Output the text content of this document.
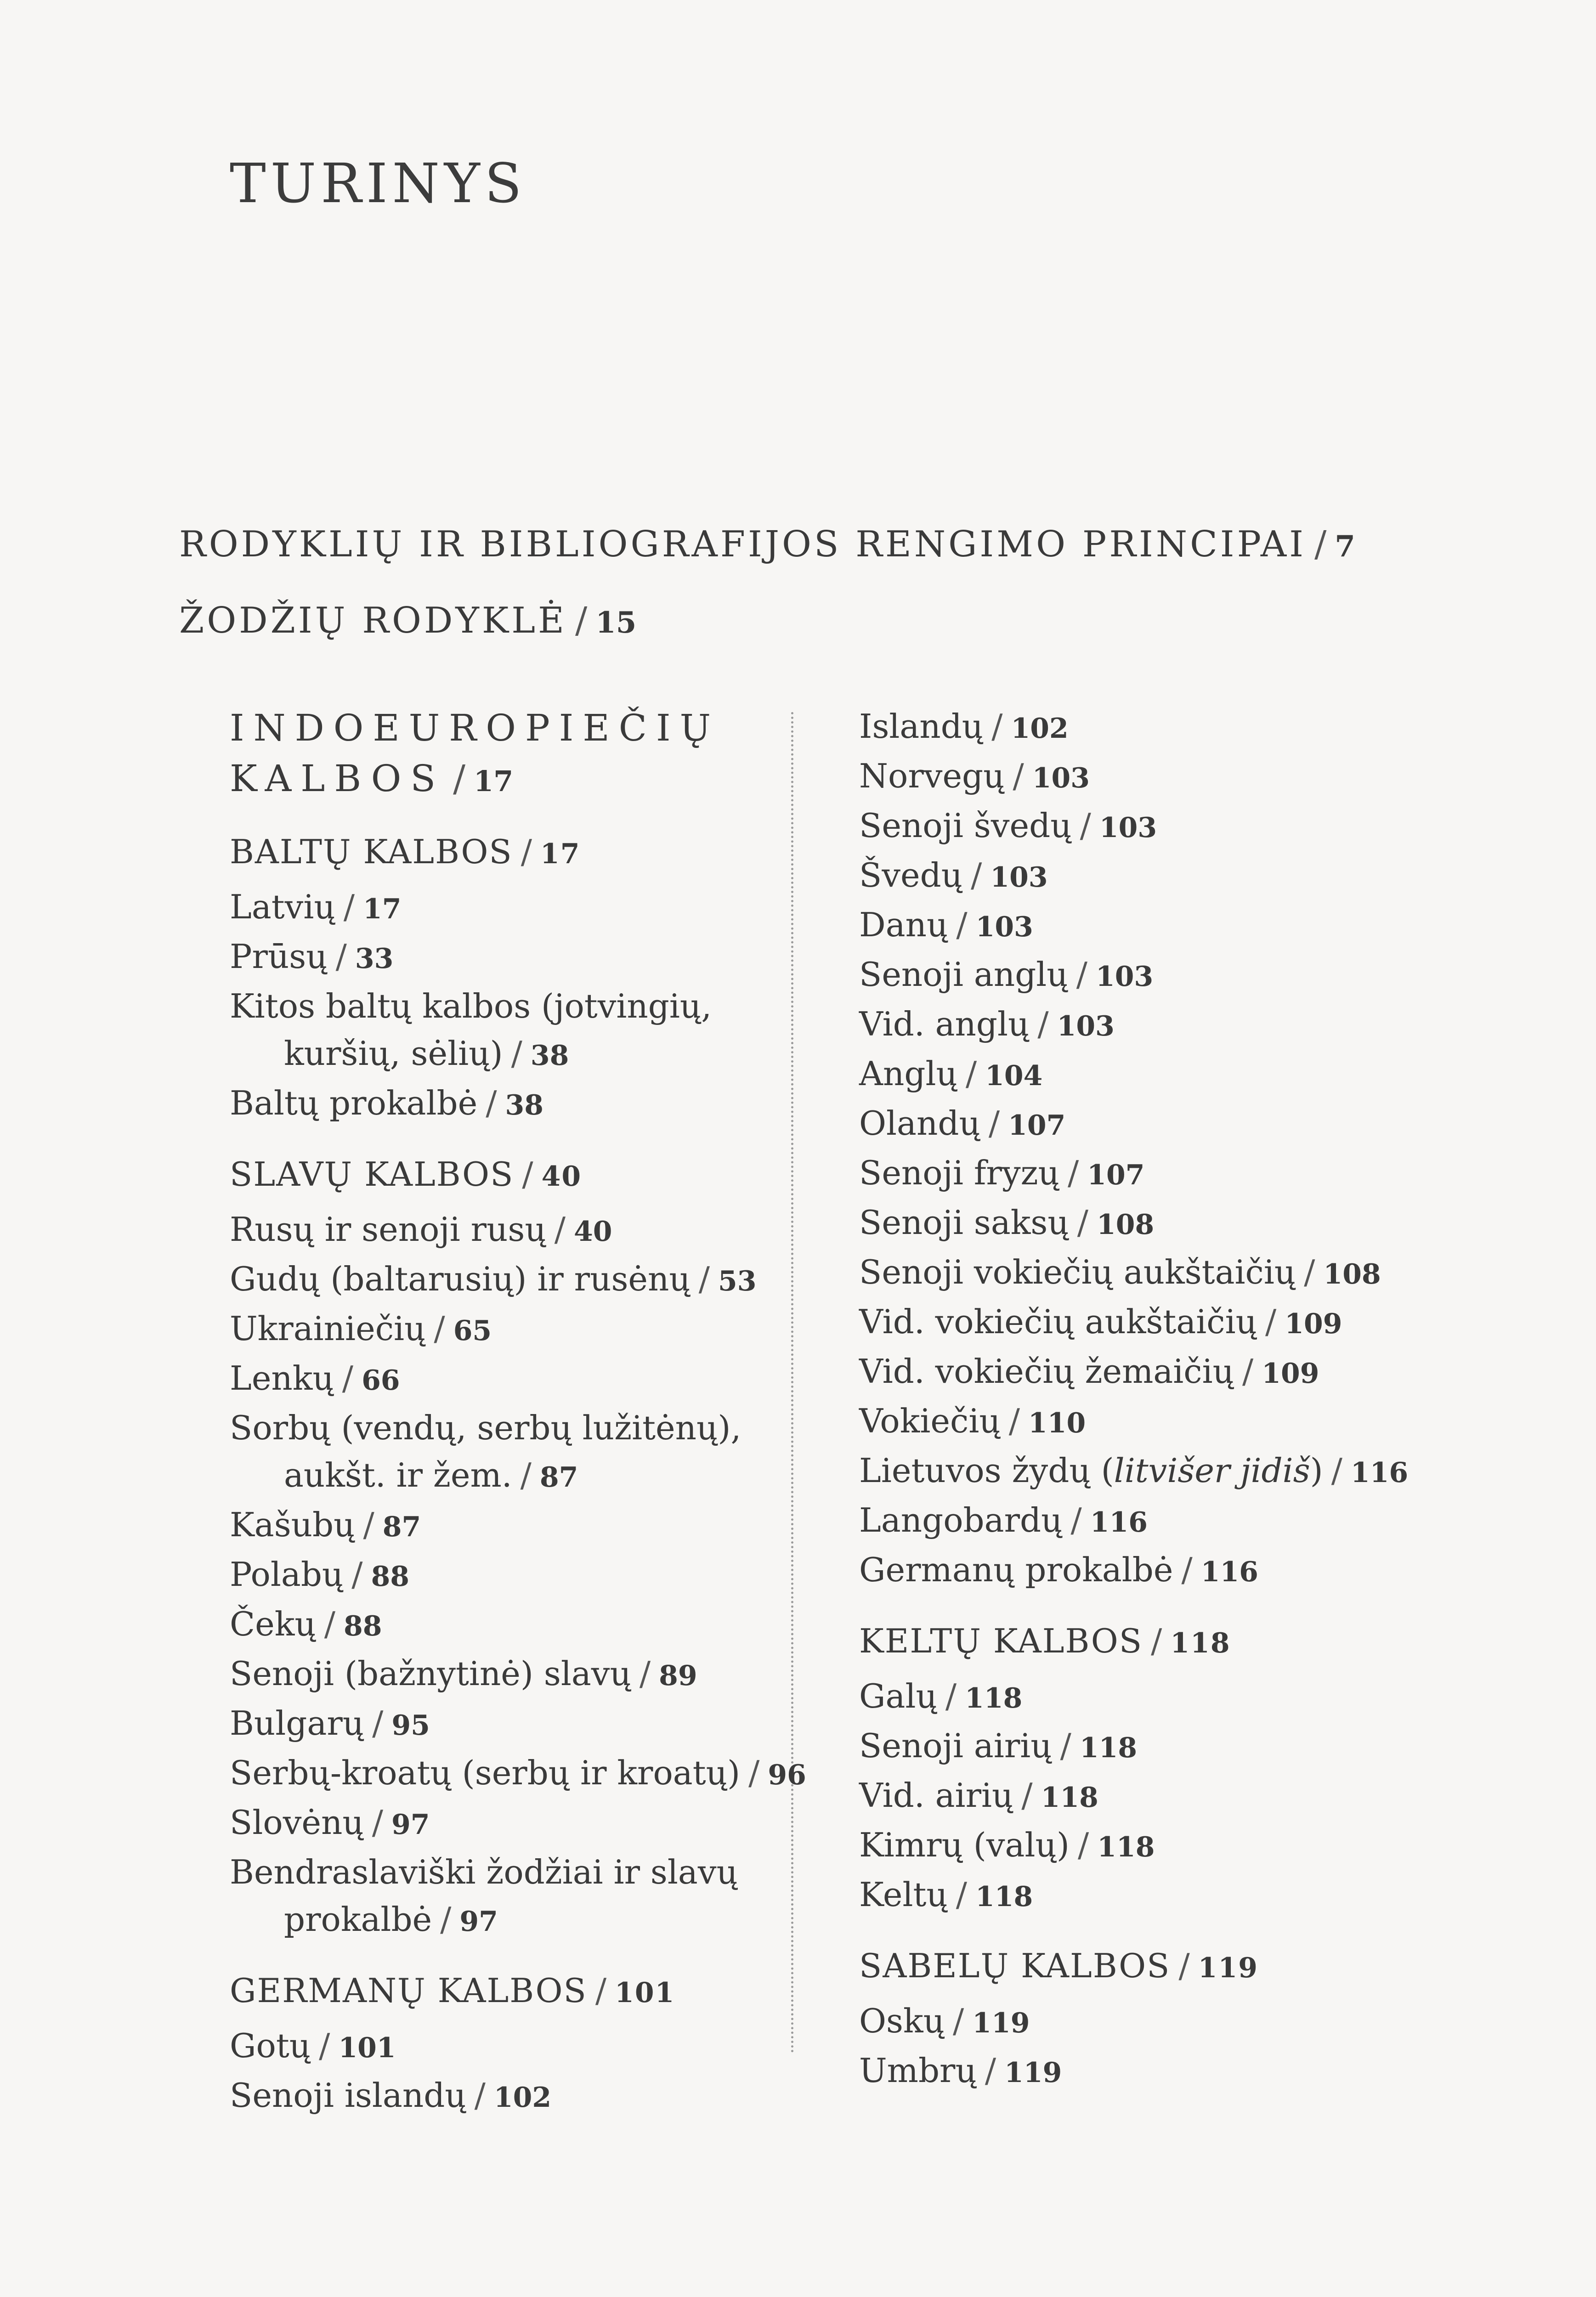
TURINYS
RODYKLIŲ IR BIBLIOGRAFIJOS RENGIMO PRINCIPAI / 7
ŽODŽIŲ RODYKLĖ / 15
INDOEUROPIEČIŲ
KALBOS / 17
BALTŲ KALBOS / 17
Latvių / 17
Prūsų / 33
Kitos baltų kalbos (jotvingių, kuršių, sėlių) / 38
Baltų prokalbė / 38
SLAVŲ KALBOS / 40
Rusų ir senoji rusų / 40
Gudų (baltarusių) ir rusėnų / 53
Ukrainiečių / 65
Lenkų / 66
Sorbų (vendų, serbų lužitėnų), aukšt. ir žem. / 87
Kašubų / 87
Polabų / 88
Čekų / 88
Senoji (bažnytinė) slavų / 89
Bulgarų / 95
Serbų-kroatų (serbų ir kroatų) / 96
Slovėnų / 97
Bendraslaviški žodžiai ir slavų prokalbė / 97
GERMANŲ KALBOS / 101
Gotų / 101
Senoji islandų / 102
Islandų / 102
Norvegų / 103
Senoji švedų / 103
Švedų / 103
Danų / 103
Senoji anglų / 103
Vid. anglų / 103
Anglų / 104
Olandų / 107
Senoji fryzų / 107
Senoji saksų / 108
Senoji vokiečių aukštaičių / 108
Vid. vokiečių aukštaičių / 109
Vid. vokiečių žemaičių / 109
Vokiečių / 110
Lietuvos žydų (litvišer jidiš) / 116
Langobardų / 116
Germanų prokalbė / 116
KELTŲ KALBOS / 118
Galų / 118
Senoji airių / 118
Vid. airių / 118
Kimrų (valų) / 118
Keltų / 118
SABELŲ KALBOS / 119
Oskų / 119
Umbrų / 119
